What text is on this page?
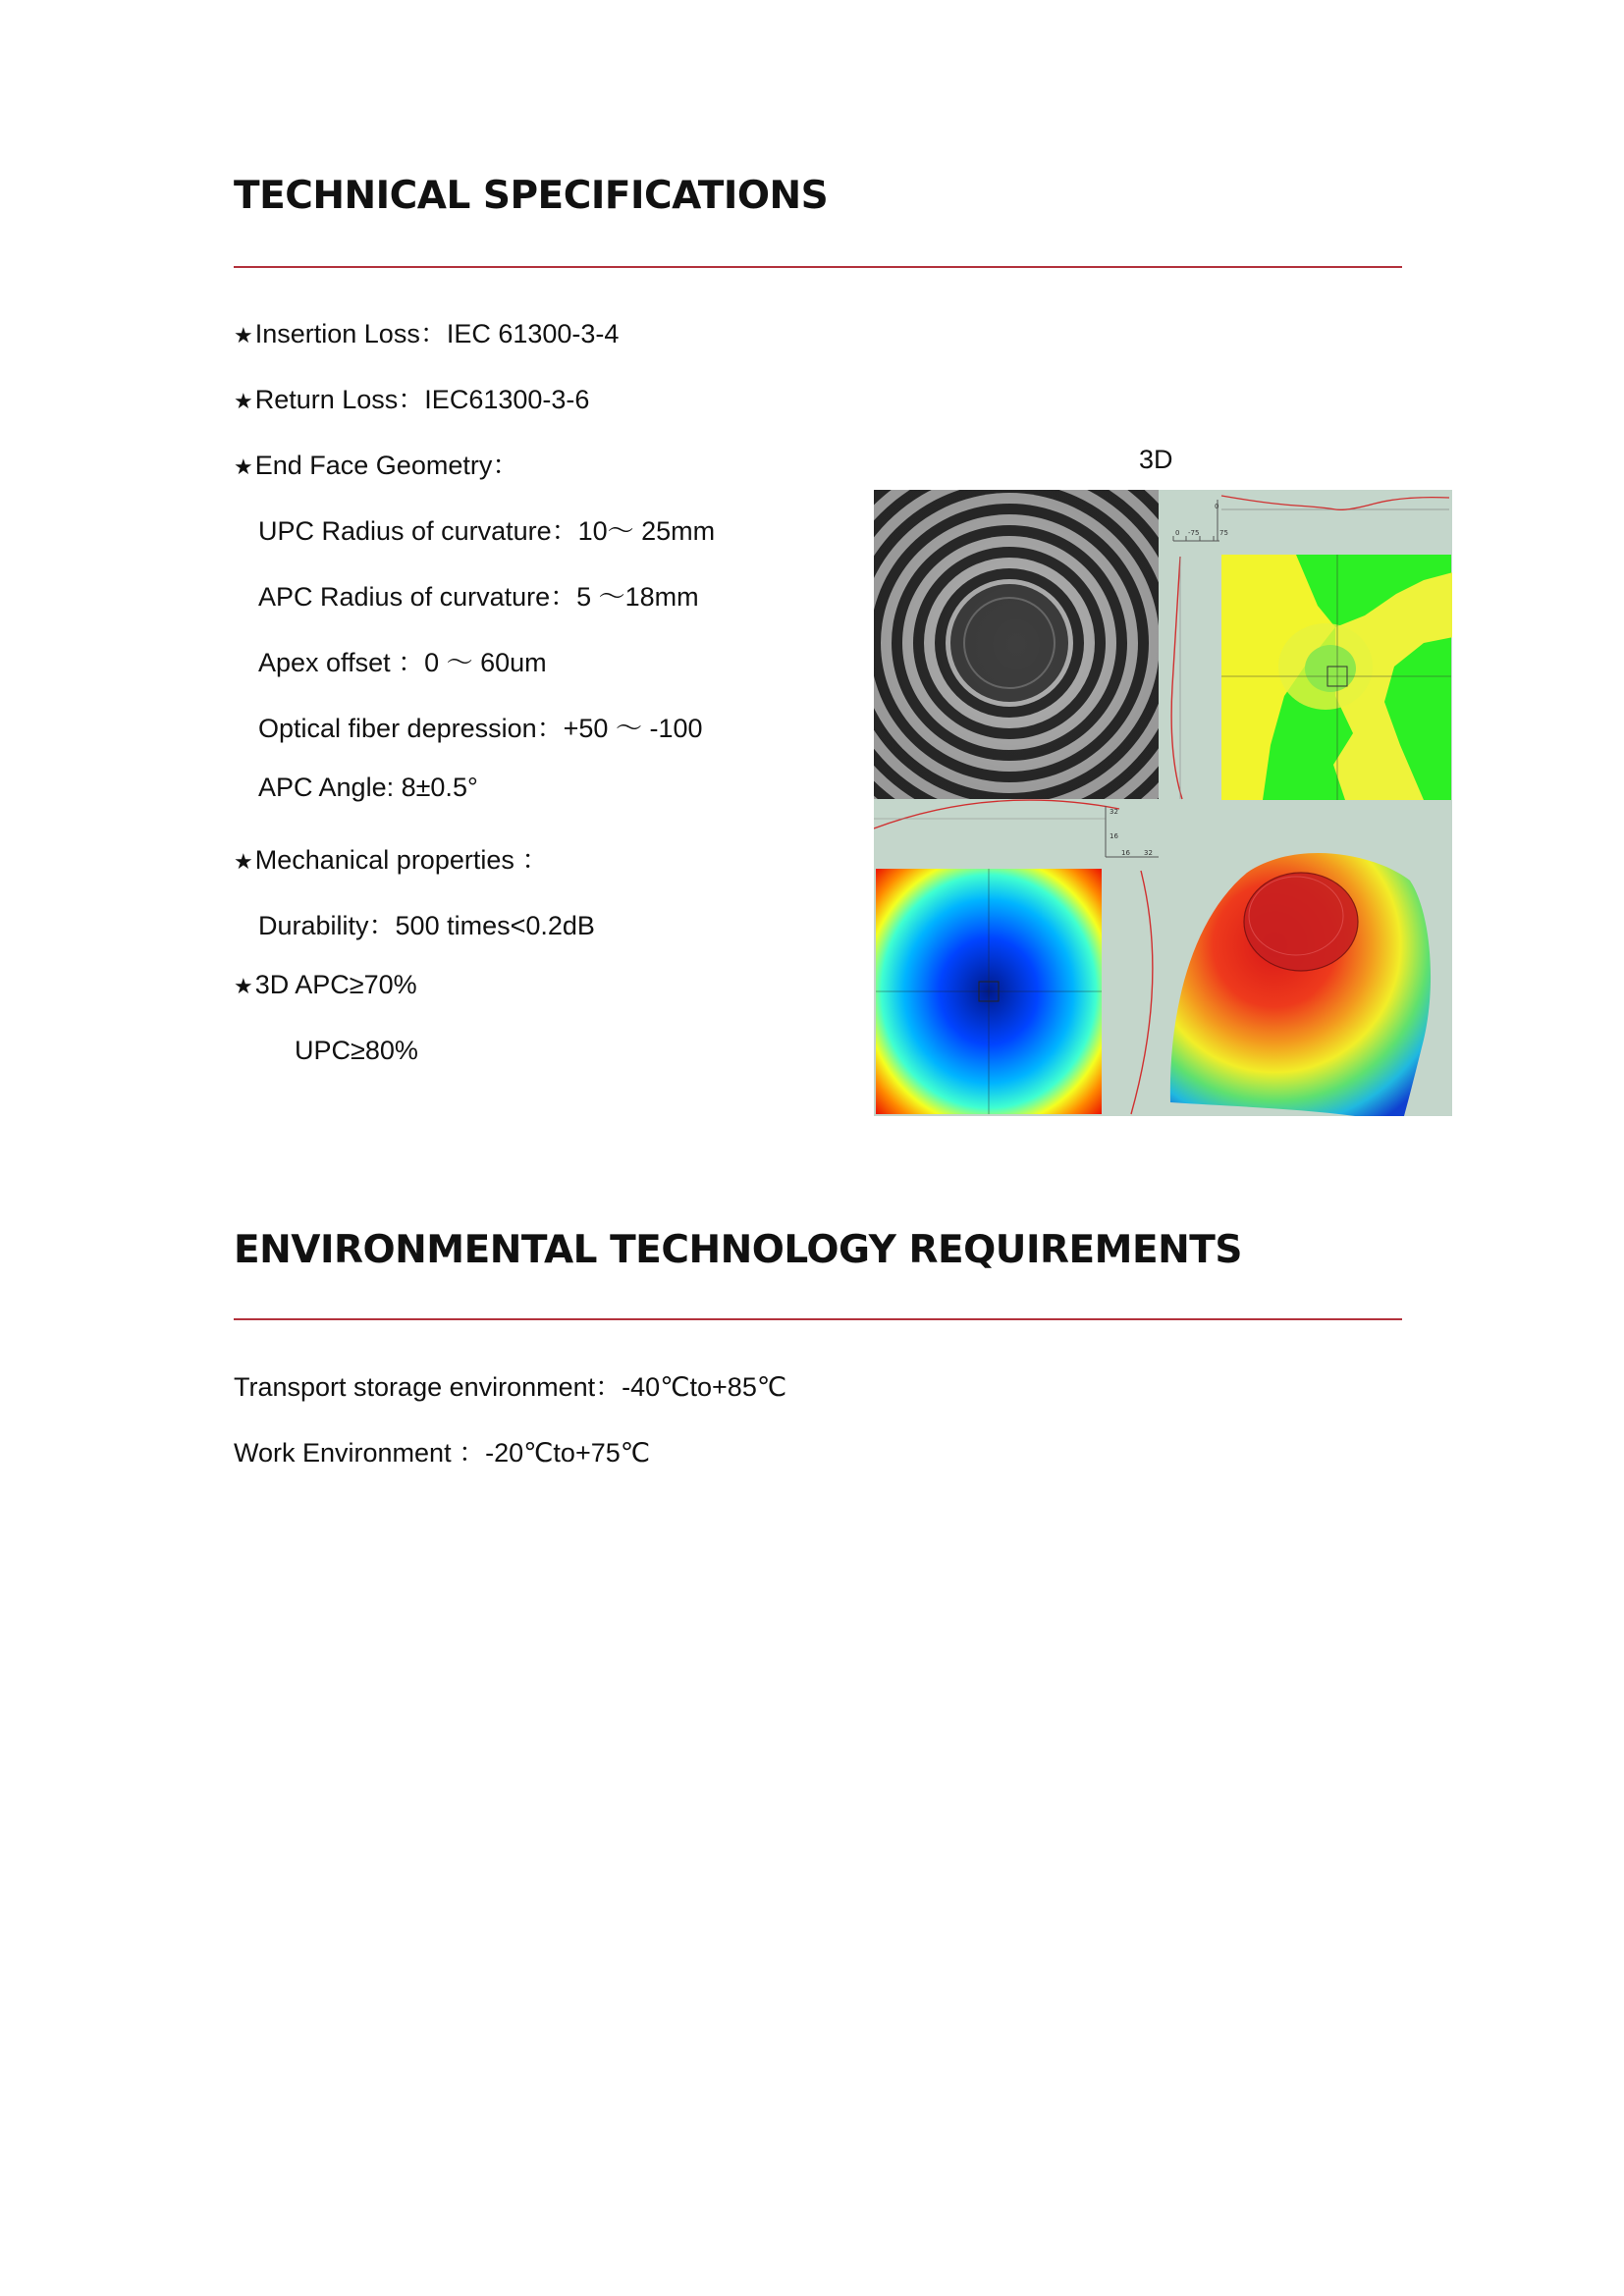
TECHNICAL SPECIFICATIONS
★Insertion Loss：IEC 61300-3-4
★Return Loss：IEC61300-3-6
★End Face Geometry：
UPC Radius of curvature：10～ 25mm
APC Radius of curvature：5 ～18mm
Apex offset ：0 ～ 60um
Optical fiber depression：+50 ～ -100
APC Angle: 8±0.5°
★Mechanical properties ：
Durability：500 times<0.2dB
★3D APC≥70%
UPC≥80%
3D
0
-75	75
0
32
16
16 32
ENVIRONMENTAL TECHNOLOGY REQUIREMENTS
Transport storage environment：-40℃to+85℃
Work Environment ：-20℃to+75℃
